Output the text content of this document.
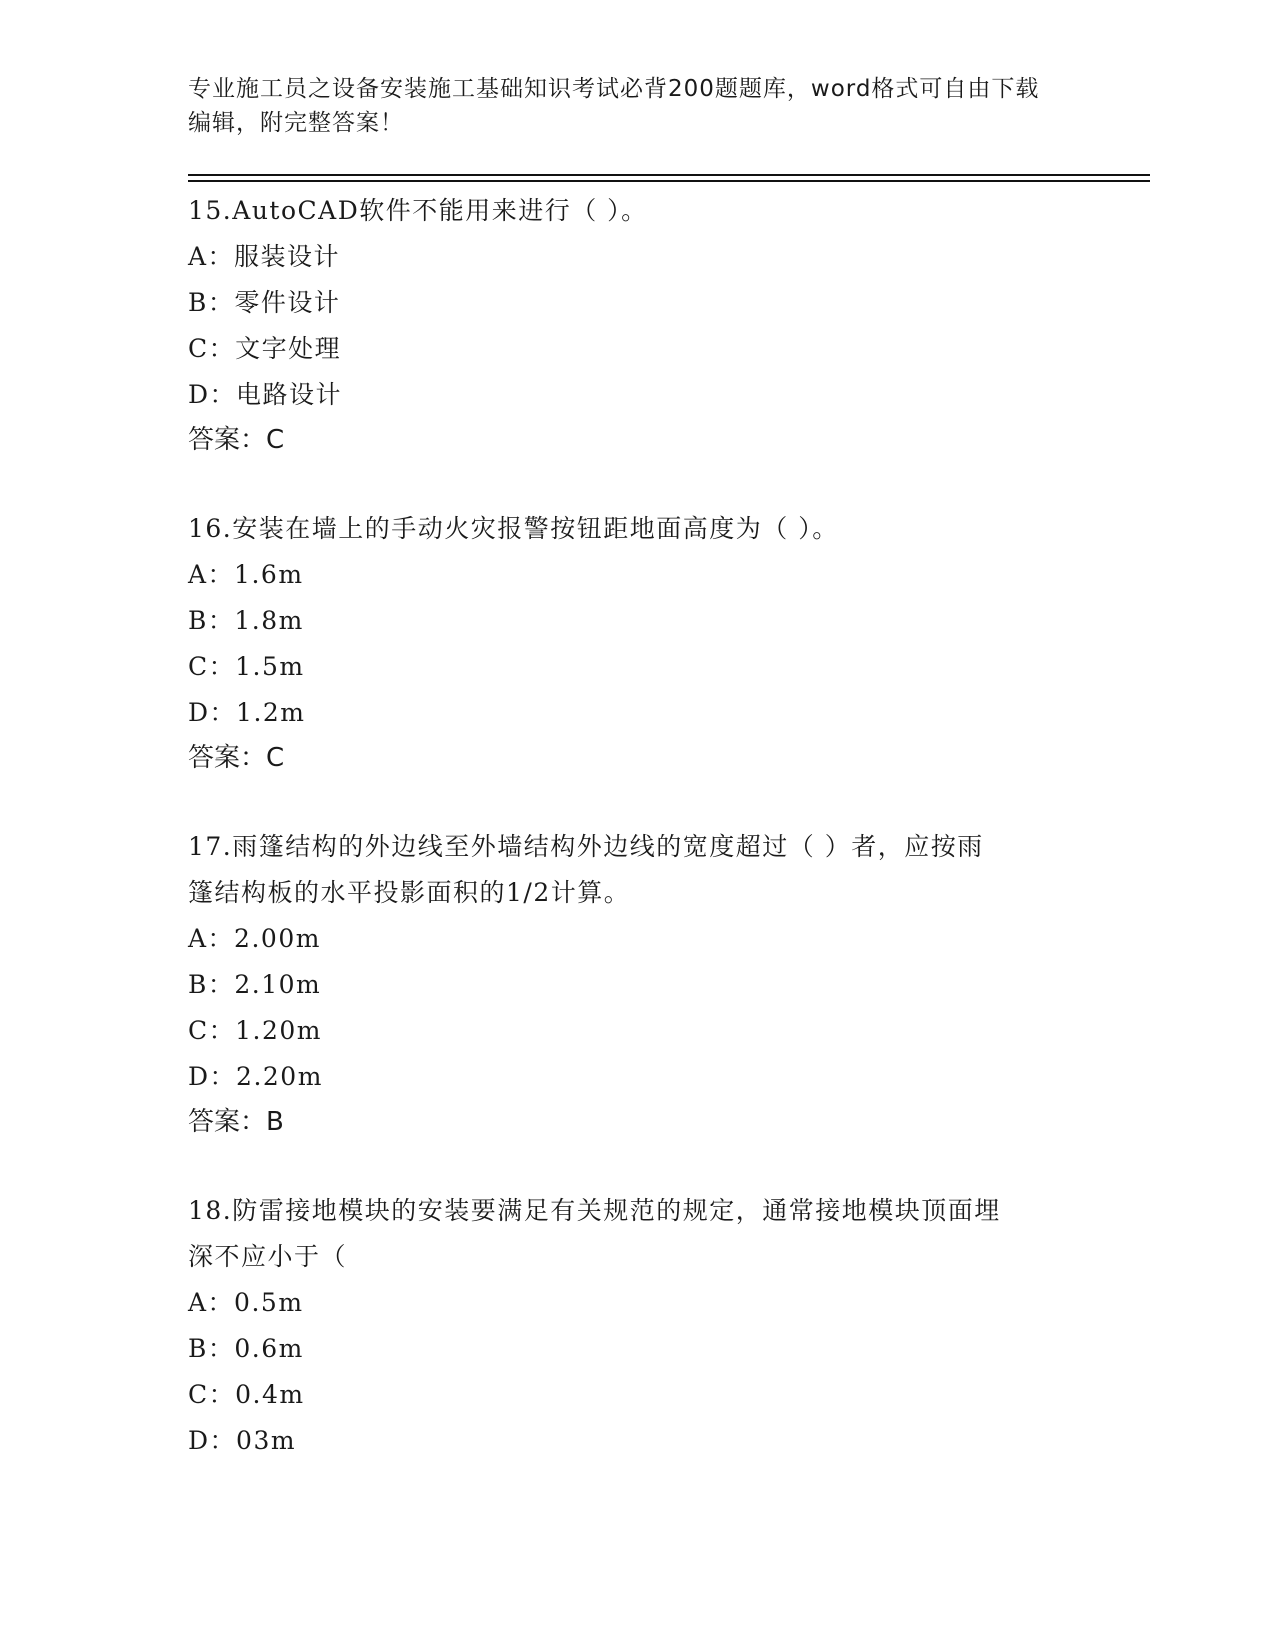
专业施工员之设备安装施工基础知识考试必背200题题库，word格式可自由下载
编辑，附完整答案！

15.AutoCAD软件不能用来进行（ ）。

A：服装设计

B：零件设计

C：文字处理

D：电路设计

答案：C

16.安装在墙上的手动火灾报警按钮距地面高度为（ ）。

A：1.6m

B：1.8m

C：1.5m

D：1.2m

答案：C

17.雨篷结构的外边线至外墙结构外边线的宽度超过（ ）者，应按雨

篷结构板的水平投影面积的1/2计算。

A：2.00m

B：2.10m

C：1.20m

D：2.20m

答案：B

18.防雷接地模块的安装要满足有关规范的规定，通常接地模块顶面埋

深不应小于（

A：0.5m

B：0.6m

C：0.4m

D：03m
